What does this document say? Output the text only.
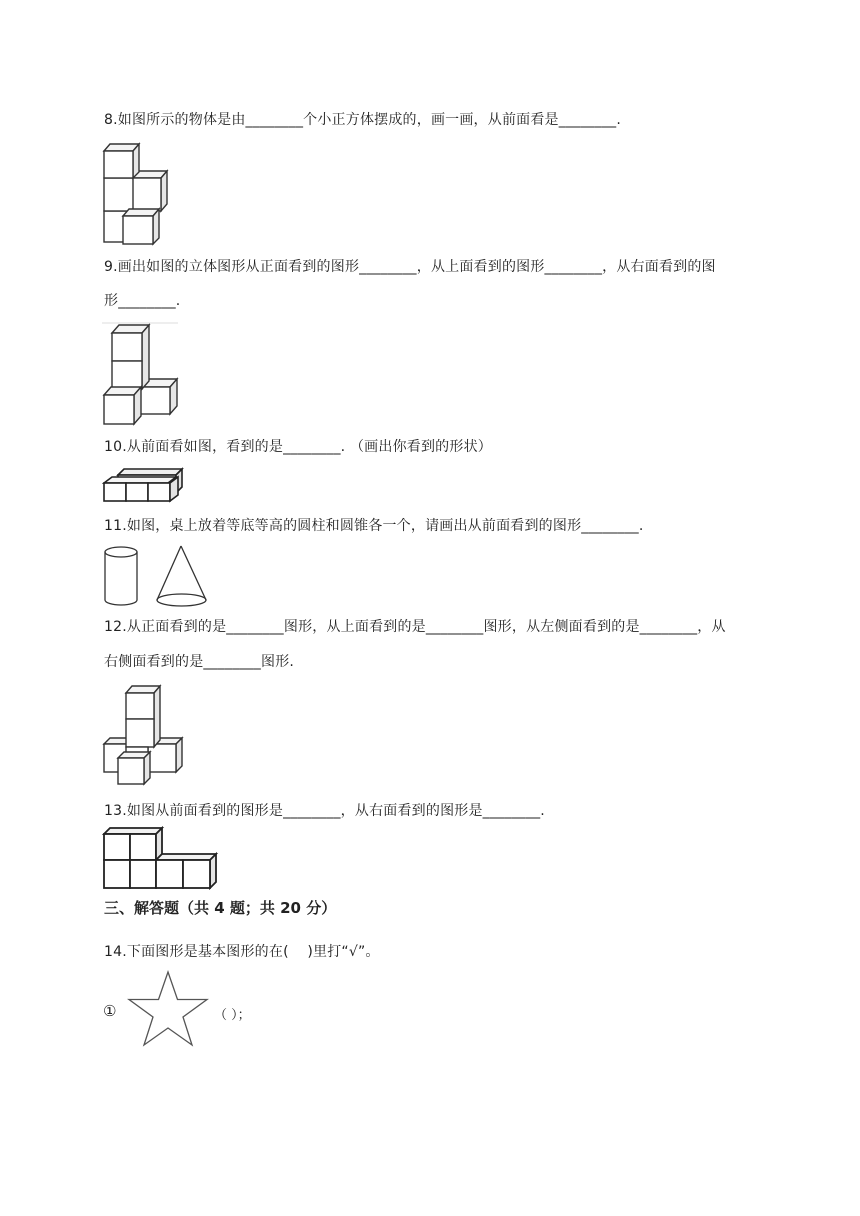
8.如图所示的物体是由________个小正方体摆成的，画一画，从前面看是________.
9.画出如图的立体图形从正面看到的图形________，从上面看到的图形________，从右面看到的图
形________.
10.从前面看如图，看到的是________. （画出你看到的形状）
11.如图，桌上放着等底等高的圆柱和圆锥各一个，请画出从前面看到的图形________.
12.从正面看到的是________图形，从上面看到的是________图形，从左侧面看到的是________，从
右侧面看到的是________图形.
13.如图从前面看到的图形是________，从右面看到的图形是________.
三、解答题（共 4 题；共 20 分）
14.下面图形是基本图形的在(    )里打“√”。
①	（ ）；
